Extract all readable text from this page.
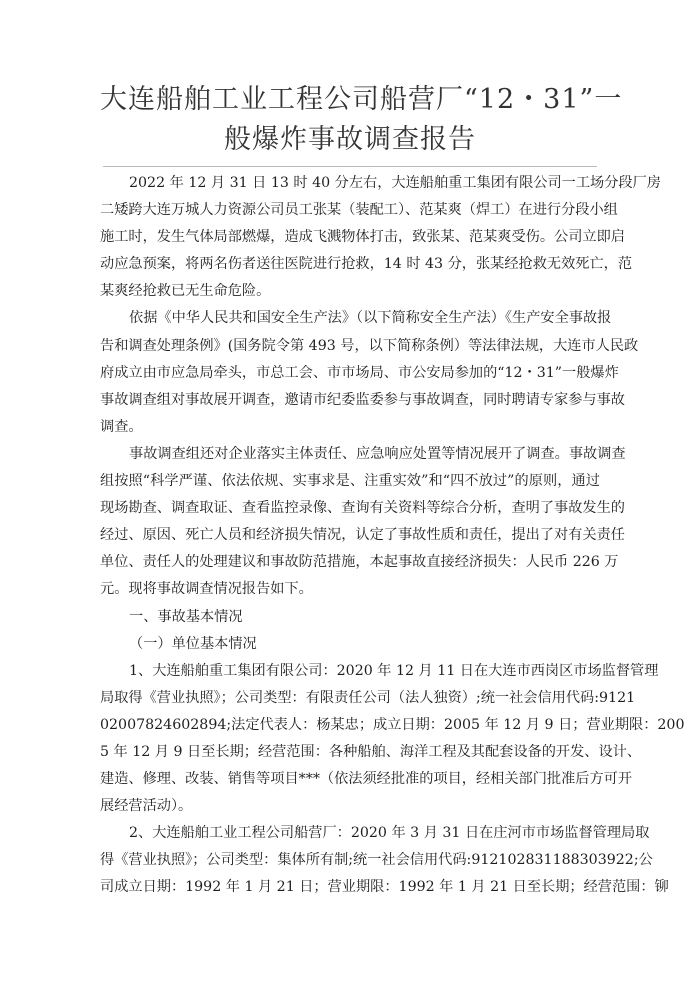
大连船舶工业工程公司船营厂“12・31”一
般爆炸事故调查报告
2022 年 12 月 31 日 13 时 40 分左右，大连船舶重工集团有限公司一工场分段厂房
二矮跨大连万城人力资源公司员工张某（装配工）、范某爽（焊工）在进行分段小组
施工时，发生气体局部燃爆，造成飞溅物体打击，致张某、范某爽受伤。公司立即启
动应急预案，将两名伤者送往医院进行抢救，14 时 43 分，张某经抢救无效死亡，范
某爽经抢救已无生命危险。
依据《中华人民共和国安全生产法》（以下简称安全生产法）《生产安全事故报
告和调查处理条例》(国务院令第 493 号，以下简称条例）等法律法规，大连市人民政
府成立由市应急局牵头，市总工会、市市场局、市公安局参加的“12・31”一般爆炸
事故调查组对事故展开调查，邀请市纪委监委参与事故调查，同时聘请专家参与事故
调查。
事故调查组还对企业落实主体责任、应急响应处置等情况展开了调查。事故调查
组按照“科学严谨、依法依规、实事求是、注重实效”和“四不放过”的原则，通过
现场勘查、调查取证、查看监控录像、查询有关资料等综合分析，查明了事故发生的
经过、原因、死亡人员和经济损失情况，认定了事故性质和责任，提出了对有关责任
单位、责任人的处理建议和事故防范措施，本起事故直接经济损失：人民币 226 万
元。现将事故调查情况报告如下。
一、事故基本情况
（一）单位基本情况
1、大连船舶重工集团有限公司：2020 年 12 月 11 日在大连市西岗区市场监督管理
局取得《营业执照》；公司类型：有限责任公司（法人独资）;统一社会信用代码:9121
02007824602894;法定代表人：杨某忠；成立日期：2005 年 12 月 9 日；营业期限：200
5 年 12 月 9 日至长期；经营范围：各种船舶、海洋工程及其配套设备的开发、设计、
建造、修理、改装、销售等项目***（依法须经批准的项目，经相关部门批准后方可开
展经营活动）。
2、大连船舶工业工程公司船营厂：2020 年 3 月 31 日在庄河市市场监督管理局取
得《营业执照》；公司类型：集体所有制;统一社会信用代码:912102831188303922;公
司成立日期：1992 年 1 月 21 日；营业期限：1992 年 1 月 21 日至长期；经营范围：铆
